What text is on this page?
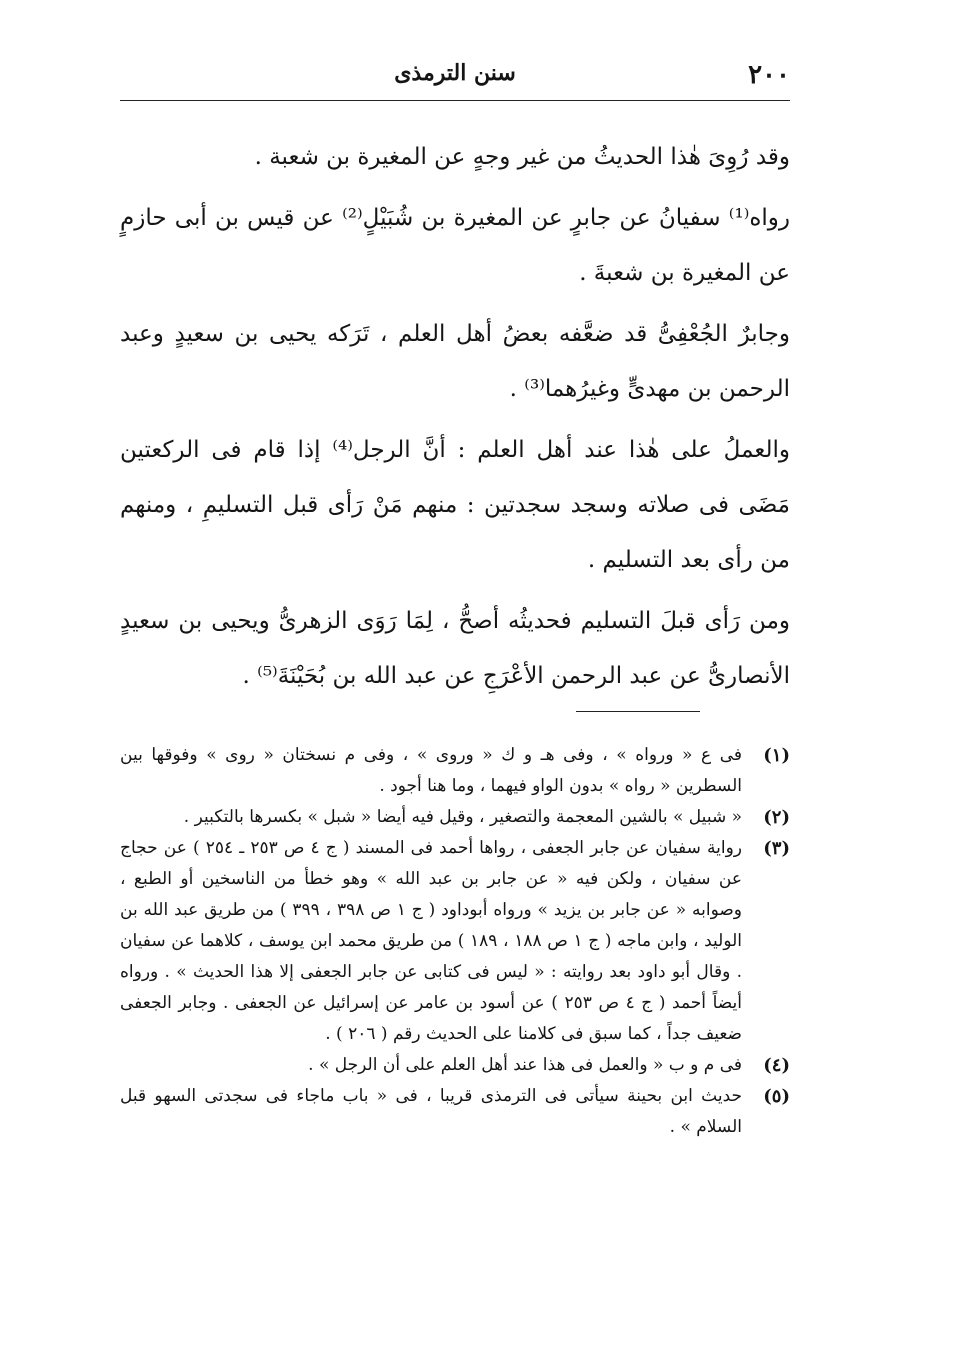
٢٠٠
سنن الترمذى

وقد رُوِىَ هٰذا الحديثُ من غير وجهٍ عن المغيرة بن شعبة .

رواه⁽¹⁾ سفيانُ عن جابرٍ عن المغيرة بن شُبَيْلٍ⁽²⁾ عن قيس بن أبى حازمٍ عن المغيرة بن شعبةَ .

وجابرٌ الجُعْفِىُّ قد ضعَّفه بعضُ أهل العلم ، تَرَكه يحيى بن سعيدٍ وعبد الرحمن بن مهدىٍّ وغيرُهما⁽³⁾ .

والعملُ على هٰذا عند أهل العلم : أنَّ الرجل⁽⁴⁾ إذا قام فى الركعتين مَضَى فى صلاته وسجد سجدتين : منهم مَنْ رَأى قبل التسليمِ ، ومنهم من رأى بعد التسليم .

ومن رَأى قبلَ التسليم فحديثُه أصحُّ ، لِمَا رَوَى الزهرىُّ ويحيى بن سعيدٍ الأنصارىُّ عن عبد الرحمن الأعْرَجِ عن عبد الله بن بُحَيْنَةَ⁽⁵⁾ .

(١)
فى ع « ورواه » ، وفى هـ و ك « وروى » ، وفى م نسختان « روى » وفوقها بين السطرين « رواه » بدون الواو فيهما ، وما هنا أجود .
(٢)
« شبيل » بالشين المعجمة والتصغير ، وقيل فيه أيضا « شبل » بكسرها بالتكبير .
(٣)
رواية سفيان عن جابر الجعفى ، رواها أحمد فى المسند ( ج ٤ ص ٢٥٣ ـ ٢٥٤ ) عن حجاج عن سفيان ، ولكن فيه « عن جابر بن عبد الله » وهو خطأ من الناسخين أو الطبع ، وصوابه « عن جابر بن يزيد » ورواه أبوداود ( ج ١ ص ٣٩٨ ، ٣٩٩ ) من طريق عبد الله بن الوليد ، وابن ماجه ( ج ١ ص ١٨٨ ، ١٨٩ ) من طريق محمد ابن يوسف ، كلاهما عن سفيان . وقال أبو داود بعد روايته : « ليس فى كتابى عن جابر الجعفى إلا هذا الحديث » . ورواه أيضاً أحمد ( ج ٤ ص ٢٥٣ ) عن أسود بن عامر عن إسرائيل عن الجعفى . وجابر الجعفى ضعيف جداً ، كما سبق فى كلامنا على الحديث رقم ( ٢٠٦ ) .
(٤)
فى م و ب « والعمل فى هذا عند أهل العلم على أن الرجل » .
(٥)
حديث ابن بحينة سيأتى فى الترمذى قريبا ، فى « باب ماجاء فى سجدتى السهو قبل السلام » .
